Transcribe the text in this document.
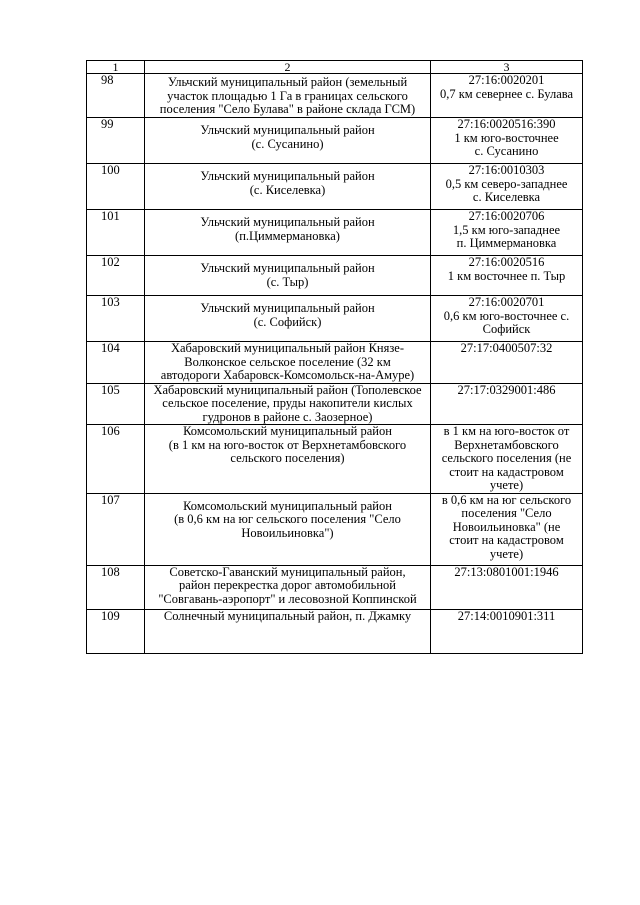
1	2	3
98	Ульчский муниципальный район (земельный
участок площадью 1 Га в границах сельского
поселения "Село Булава" в районе склада ГСМ)	27:16:0020201
0,7 км севернее с. Булава
99	Ульчский муниципальный район
(с. Сусанино)	27:16:0020516:390
1 км юго-восточнее
с. Сусанино
100	Ульчский муниципальный район
(с. Киселевка)	27:16:0010303
0,5 км северо-западнее
с. Киселевка
101	Ульчский муниципальный район
(п.Циммермановка)	27:16:0020706
1,5 км юго-западнее
п. Циммермановка
102	Ульчский муниципальный район
(с. Тыр)	27:16:0020516
1 км восточнее п. Тыр
103	Ульчский муниципальный район
(с. Софийск)	27:16:0020701
0,6 км юго-восточнее с.
Софийск
104	Хабаровский муниципальный район Князе-
Волконское сельское поселение (32 км
автодороги Хабаровск-Комсомольск-на-Амуре)	27:17:0400507:32
105	Хабаровский муниципальный район (Тополевское
сельское поселение, пруды накопители кислых
гудронов в районе с. Заозерное)	27:17:0329001:486
106	Комсомольский муниципальный район
(в 1 км на юго-восток от Верхнетамбовского
сельского поселения)	в 1 км на юго-восток от
Верхнетамбовского
сельского поселения (не
стоит на кадастровом
учете)
107	Комсомольский муниципальный район
(в 0,6 км на юг сельского поселения "Село
Новоильиновка")	в 0,6 км на юг сельского
поселения "Село
Новоильиновка" (не
стоит на кадастровом
учете)
108	Советско-Гаванский муниципальный район,
район перекрестка дорог автомобильной
"Совгавань-аэропорт" и лесовозной Коппинской	27:13:0801001:1946
109	Солнечный муниципальный район, п. Джамку	27:14:0010901:311
